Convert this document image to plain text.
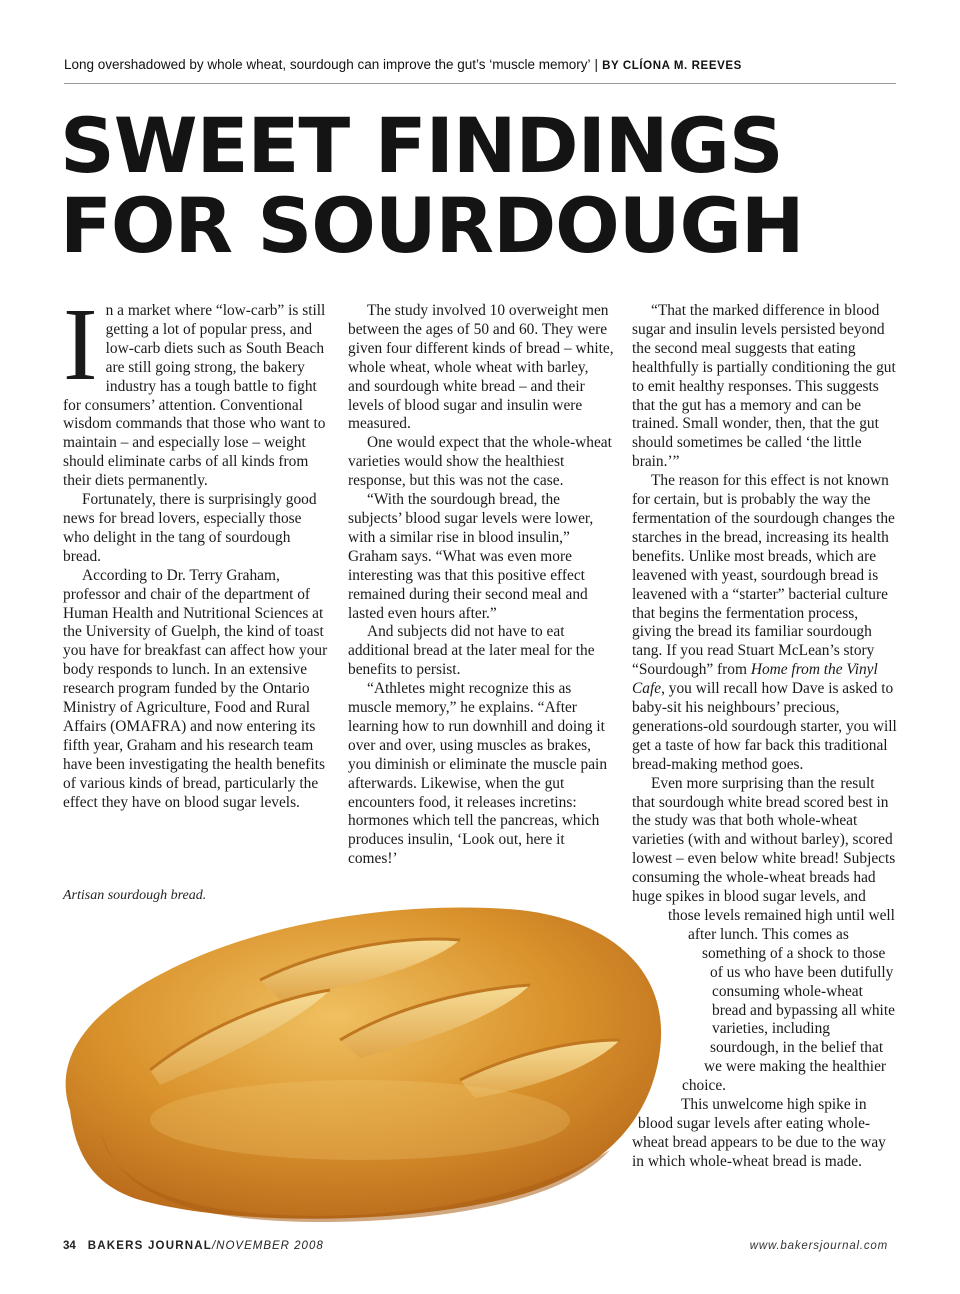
Long overshadowed by whole wheat, sourdough can improve the gut’s ‘muscle memory’ | BY CLÍONA M. REEVES
SWEET FINDINGS
FOR SOURDOUGH

In a market where “low-carb” is still getting a lot of popular press, and low-carb diets such as South Beach are still going strong, the bakery industry has a tough battle to fight for consumers’ attention. Conventional wisdom commands that those who want to maintain – and especially lose – weight should eliminate carbs of all kinds from their diets permanently.

Fortunately, there is surprisingly good news for bread lovers, especially those who delight in the tang of sourdough bread.

According to Dr. Terry Graham, professor and chair of the department of Human Health and Nutritional Sciences at the University of Guelph, the kind of toast you have for breakfast can affect how your body responds to lunch. In an extensive research program funded by the Ontario Ministry of Agriculture, Food and Rural Affairs (OMAFRA) and now entering its fifth year, Graham and his research team have been investigating the health benefits of various kinds of bread, particularly the effect they have on blood sugar levels.

The study involved 10 overweight men between the ages of 50 and 60. They were given four different kinds of bread – white, whole wheat, whole wheat with barley, and sourdough white bread – and their levels of blood sugar and insulin were measured.

One would expect that the whole-wheat varieties would show the healthiest response, but this was not the case.

“With the sourdough bread, the subjects’ blood sugar levels were lower, with a similar rise in blood insulin,” Graham says. “What was even more interesting was that this positive effect remained during their second meal and lasted even hours after.”

And subjects did not have to eat additional bread at the later meal for the benefits to persist.

“Athletes might recognize this as muscle memory,” he explains. “After learning how to run downhill and doing it over and over, using muscles as brakes, you diminish or eliminate the muscle pain afterwards. Likewise, when the gut encounters food, it releases incretins: hormones which tell the pancreas, which produces insulin, ‘Look out, here it comes!’

“That the marked difference in blood sugar and insulin levels persisted beyond the second meal suggests that eating healthfully is partially conditioning the gut to emit healthy responses. This suggests that the gut has a memory and can be trained. Small wonder, then, that the gut should sometimes be called ‘the little brain.’”

The reason for this effect is not known for certain, but is probably the way the fermentation of the sourdough changes the starches in the bread, increasing its health benefits. Unlike most breads, which are leavened with yeast, sourdough bread is leavened with a “starter” bacterial culture that begins the fermentation process, giving the bread its familiar sourdough tang. If you read Stuart McLean’s story “Sourdough” from Home from the Vinyl Cafe, you will recall how Dave is asked to baby-sit his neighbours’ precious, generations-old sourdough starter, you will get a taste of how far back this traditional bread-making method goes.

Even more surprising than the result that sourdough white bread scored best in the study was that both whole-wheat varieties (with and without barley), scored lowest – even below white bread! Subjects consuming the whole-wheat breads had huge spikes in blood sugar levels, and those levels remained high until well after lunch. This comes as something of a shock to those of us who have been dutifully consuming whole-wheat bread and bypassing all white varieties, including sourdough, in the belief that we were making the healthier choice.

This unwelcome high spike in blood sugar levels after eating whole-wheat bread appears to be due to the way in which whole-wheat bread is made.

Artisan sourdough bread.
34 BAKERS JOURNAL/NOVEMBER 2008	www.bakersjournal.com
